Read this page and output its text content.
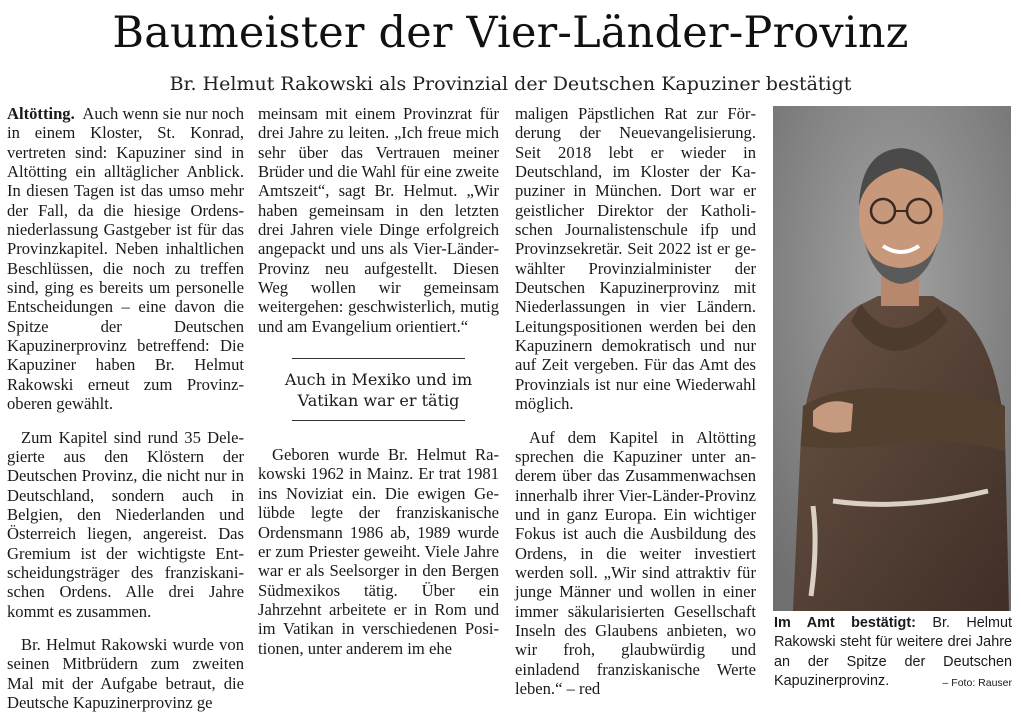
Baumeister der Vier-Länder-Provinz
Br. Helmut Rakowski als Provinzial der Deutschen Kapuziner bestätigt

Altötting. Auch wenn sie nur noch in einem Kloster, St. Konrad, vertreten sind: Kapuziner sind in Altötting ein alltäglicher Anblick. In diesen Tagen ist das umso mehr der Fall, da die hiesige Ordensniederlassung Gastgeber ist für das Provinzkapitel. Neben inhaltlichen Beschlüssen, die noch zu treffen sind, ging es bereits um personelle Entscheidungen – eine davon die Spitze der Deutschen Kapuzinerprovinz betreffend: Die Kapuziner haben Br. Helmut Rakowski erneut zum Provinzoberen gewählt.

Zum Kapitel sind rund 35 Delegierte aus den Klöstern der Deutschen Provinz, die nicht nur in Deutschland, sondern auch in Belgien, den Niederlanden und Österreich liegen, angereist. Das Gremium ist der wichtigste Entscheidungsträger des franziskanischen Ordens. Alle drei Jahre kommt es zusammen.

Br. Helmut Rakowski wurde von seinen Mitbrüdern zum zweiten Mal mit der Aufgabe betraut, die Deutsche Kapuzinerprovinz ge

meinsam mit einem Provinzrat für drei Jahre zu leiten. „Ich freue mich sehr über das Vertrauen meiner Brüder und die Wahl für eine zweite Amtszeit“, sagt Br. Helmut. „Wir haben gemeinsam in den letzten drei Jahren viele Dinge erfolgreich angepackt und uns als Vier-Länder-Provinz neu aufgestellt. Diesen Weg wollen wir gemeinsam weitergehen: geschwisterlich, mutig und am Evangelium orientiert.“

Auch in Mexiko und im Vatikan war er tätig

Geboren wurde Br. Helmut Rakowski 1962 in Mainz. Er trat 1981 ins Noviziat ein. Die ewigen Gelübde legte der franziskanische Ordensmann 1986 ab, 1989 wurde er zum Priester geweiht. Viele Jahre war er als Seelsorger in den Bergen Südmexikos tätig. Über ein Jahrzehnt arbeitete er in Rom und im Vatikan in verschiedenen Positionen, unter anderem im ehe

maligen Päpstlichen Rat zur Förderung der Neuevangelisierung. Seit 2018 lebt er wieder in Deutschland, im Kloster der Kapuziner in München. Dort war er geistlicher Direktor der Katholischen Journalistenschule ifp und Provinzsekretär. Seit 2022 ist er gewählter Provinzialminister der Deutschen Kapuzinerprovinz mit Niederlassungen in vier Ländern. Leitungspositionen werden bei den Kapuzinern demokratisch und nur auf Zeit vergeben. Für das Amt des Provinzials ist nur eine Wiederwahl möglich.

Auf dem Kapitel in Altötting sprechen die Kapuziner unter anderem über das Zusammenwachsen innerhalb ihrer Vier-Länder-Provinz und in ganz Europa. Ein wichtiger Fokus ist auch die Ausbildung des Ordens, in die weiter investiert werden soll. „Wir sind attraktiv für junge Männer und wollen in einer immer säkularisierten Gesellschaft Inseln des Glaubens anbieten, wo wir froh, glaubwürdig und einladend franziskanische Werte leben.“ – red

Im Amt bestätigt: Br. Helmut Rakowski steht für weitere drei Jahre an der Spitze der Deutschen Kapuzinerprovinz.	– Foto: Rauser
